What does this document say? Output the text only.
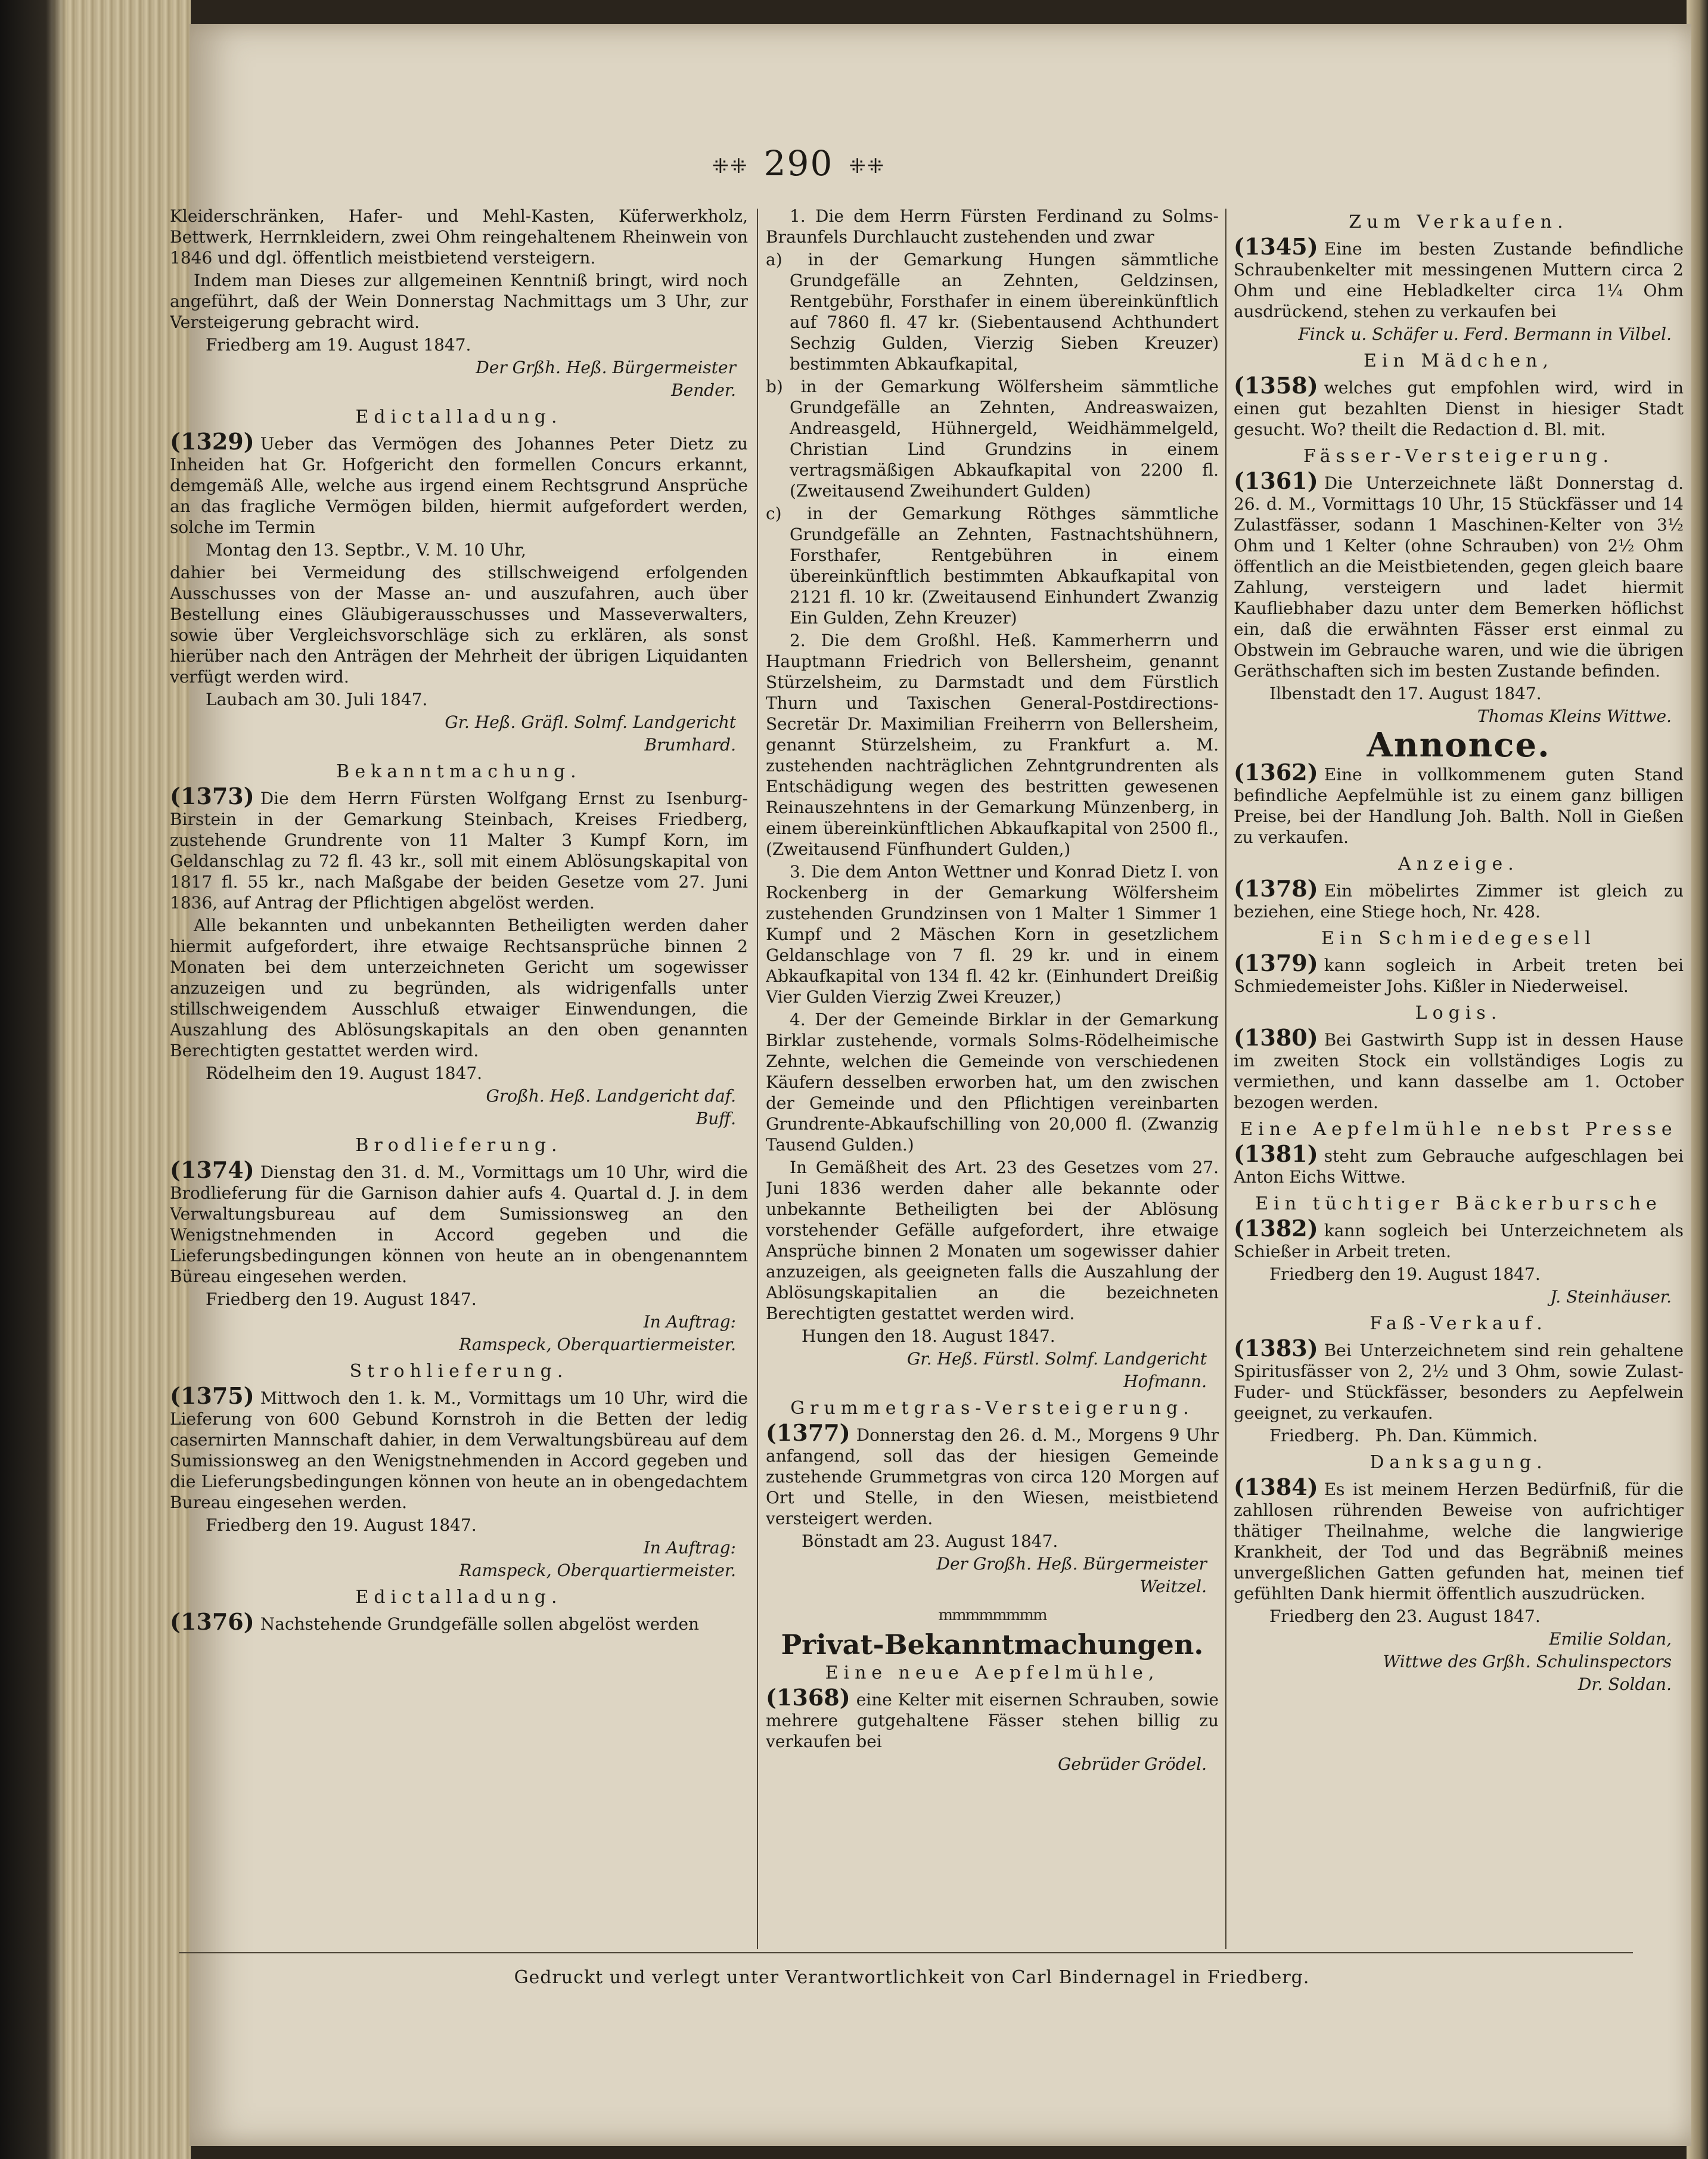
⁜⁜ 290 ⁜⁜

Kleiderschränken, Hafer- und Mehl-Kasten, Küferwerkholz, Bettwerk, Herrnkleidern, zwei Ohm reingehaltenem Rheinwein von 1846 und dgl. öffentlich meistbietend versteigern.

Indem man Dieses zur allgemeinen Kenntniß bringt, wird noch angeführt, daß der Wein Donnerstag Nachmittags um 3 Uhr, zur Versteigerung gebracht wird.

Friedberg am 19. August 1847.

Der Grßh. Heß. Bürgermeister

Bender.

Edictalladung.

(1329) Ueber das Vermögen des Johannes Peter Dietz zu Inheiden hat Gr. Hofgericht den formellen Concurs erkannt, demgemäß Alle, welche aus irgend einem Rechtsgrund Ansprüche an das fragliche Vermögen bilden, hiermit aufgefordert werden, solche im Termin

Montag den 13. Septbr., V. M. 10 Uhr,

dahier bei Vermeidung des stillschweigend erfolgenden Ausschusses von der Masse an- und auszufahren, auch über Bestellung eines Gläubigerausschusses und Masseverwalters, sowie über Vergleichsvorschläge sich zu erklären, als sonst hierüber nach den Anträgen der Mehrheit der übrigen Liquidanten verfügt werden wird.

Laubach am 30. Juli 1847.

Gr. Heß. Gräfl. Solmf. Landgericht

Brumhard.

Bekanntmachung.

(1373) Die dem Herrn Fürsten Wolfgang Ernst zu Isenburg-Birstein in der Gemarkung Steinbach, Kreises Friedberg, zustehende Grundrente von 11 Malter 3 Kumpf Korn, im Geldanschlag zu 72 fl. 43 kr., soll mit einem Ablösungskapital von 1817 fl. 55 kr., nach Maßgabe der beiden Gesetze vom 27. Juni 1836, auf Antrag der Pflichtigen abgelöst werden.

Alle bekannten und unbekannten Betheiligten werden daher hiermit aufgefordert, ihre etwaige Rechtsansprüche binnen 2 Monaten bei dem unterzeichneten Gericht um sogewisser anzuzeigen und zu begründen, als widrigenfalls unter stillschweigendem Ausschluß etwaiger Einwendungen, die Auszahlung des Ablösungskapitals an den oben genannten Berechtigten gestattet werden wird.

Rödelheim den 19. August 1847.

Großh. Heß. Landgericht daf.

Buff.

Brodlieferung.

(1374) Dienstag den 31. d. M., Vormittags um 10 Uhr, wird die Brodlieferung für die Garnison dahier aufs 4. Quartal d. J. in dem Verwaltungsbureau auf dem Sumissionsweg an den Wenigstnehmenden in Accord gegeben und die Lieferungsbedingungen können von heute an in obengenanntem Büreau eingesehen werden.

Friedberg den 19. August 1847.

In Auftrag:

Ramspeck, Oberquartiermeister.

Strohlieferung.

(1375) Mittwoch den 1. k. M., Vormittags um 10 Uhr, wird die Lieferung von 600 Gebund Kornstroh in die Betten der ledig casernirten Mannschaft dahier, in dem Verwaltungsbüreau auf dem Sumissionsweg an den Wenigstnehmenden in Accord gegeben und die Lieferungsbedingungen können von heute an in obengedachtem Bureau eingesehen werden.

Friedberg den 19. August 1847.

In Auftrag:

Ramspeck, Oberquartiermeister.

Edictalladung.

(1376) Nachstehende Grundgefälle sollen abgelöst werden

1. Die dem Herrn Fürsten Ferdinand zu Solms-Braunfels Durchlaucht zustehenden und zwar

a) in der Gemarkung Hungen sämmtliche Grundgefälle an Zehnten, Geldzinsen, Rentgebühr, Forsthafer in einem übereinkünftlich auf 7860 fl. 47 kr. (Siebentausend Achthundert Sechzig Gulden, Vierzig Sieben Kreuzer) bestimmten Abkaufkapital,

b) in der Gemarkung Wölfersheim sämmtliche Grundgefälle an Zehnten, Andreaswaizen, Andreasgeld, Hühnergeld, Weidhämmelgeld, Christian Lind Grundzins in einem vertragsmäßigen Abkaufkapital von 2200 fl. (Zweitausend Zweihundert Gulden)

c) in der Gemarkung Röthges sämmtliche Grundgefälle an Zehnten, Fastnachtshühnern, Forsthafer, Rentgebühren in einem übereinkünftlich bestimmten Abkaufkapital von 2121 fl. 10 kr. (Zweitausend Einhundert Zwanzig Ein Gulden, Zehn Kreuzer)

2. Die dem Großhl. Heß. Kammerherrn und Hauptmann Friedrich von Bellersheim, genannt Stürzelsheim, zu Darmstadt und dem Fürstlich Thurn und Taxischen General-Postdirections-Secretär Dr. Maximilian Freiherrn von Bellersheim, genannt Stürzelsheim, zu Frankfurt a. M. zustehenden nachträglichen Zehntgrundrenten als Entschädigung wegen des bestritten gewesenen Reinauszehntens in der Gemarkung Münzenberg, in einem übereinkünftlichen Abkaufkapital von 2500 fl., (Zweitausend Fünfhundert Gulden,)

3. Die dem Anton Wettner und Konrad Dietz I. von Rockenberg in der Gemarkung Wölfersheim zustehenden Grundzinsen von 1 Malter 1 Simmer 1 Kumpf und 2 Mäschen Korn in gesetzlichem Geldanschlage von 7 fl. 29 kr. und in einem Abkaufkapital von 134 fl. 42 kr. (Einhundert Dreißig Vier Gulden Vierzig Zwei Kreuzer,)

4. Der der Gemeinde Birklar in der Gemarkung Birklar zustehende, vormals Solms-Rödelheimische Zehnte, welchen die Gemeinde von verschiedenen Käufern desselben erworben hat, um den zwischen der Gemeinde und den Pflichtigen vereinbarten Grundrente-Abkaufschilling von 20,000 fl. (Zwanzig Tausend Gulden.)

In Gemäßheit des Art. 23 des Gesetzes vom 27. Juni 1836 werden daher alle bekannte oder unbekannte Betheiligten bei der Ablösung vorstehender Gefälle aufgefordert, ihre etwaige Ansprüche binnen 2 Monaten um sogewisser dahier anzuzeigen, als geeigneten falls die Auszahlung der Ablösungskapitalien an die bezeichneten Berechtigten gestattet werden wird.

Hungen den 18. August 1847.

Gr. Heß. Fürstl. Solmf. Landgericht

Hofmann.

Grummetgras-Versteigerung.

(1377) Donnerstag den 26. d. M., Morgens 9 Uhr anfangend, soll das der hiesigen Gemeinde zustehende Grummetgras von circa 120 Morgen auf Ort und Stelle, in den Wiesen, meistbietend versteigert werden.

Bönstadt am 23. August 1847.

Der Großh. Heß. Bürgermeister

Weitzel.

mmmmmmmm
Privat-Bekanntmachungen.
Eine neue Aepfelmühle,

(1368) eine Kelter mit eisernen Schrauben, sowie mehrere gutgehaltene Fässer stehen billig zu verkaufen bei

Gebrüder Grödel.

Zum Verkaufen.

(1345) Eine im besten Zustande befindliche Schraubenkelter mit messingenen Muttern circa 2 Ohm und eine Hebladkelter circa 1¼ Ohm ausdrückend, stehen zu verkaufen bei

Finck u. Schäfer u. Ferd. Bermann in Vilbel.

Ein Mädchen,

(1358) welches gut empfohlen wird, wird in einen gut bezahlten Dienst in hiesiger Stadt gesucht. Wo? theilt die Redaction d. Bl. mit.

Fässer-Versteigerung.

(1361) Die Unterzeichnete läßt Donnerstag d. 26. d. M., Vormittags 10 Uhr, 15 Stückfässer und 14 Zulastfässer, sodann 1 Maschinen-Kelter von 3½ Ohm und 1 Kelter (ohne Schrauben) von 2½ Ohm öffentlich an die Meistbietenden, gegen gleich baare Zahlung, versteigern und ladet hiermit Kaufliebhaber dazu unter dem Bemerken höflichst ein, daß die erwähnten Fässer erst einmal zu Obstwein im Gebrauche waren, und wie die übrigen Geräthschaften sich im besten Zustande befinden.

Ilbenstadt den 17. August 1847.

Thomas Kleins Wittwe.

Annonce.

(1362) Eine in vollkommenem guten Stand befindliche Aepfelmühle ist zu einem ganz billigen Preise, bei der Handlung Joh. Balth. Noll in Gießen zu verkaufen.

Anzeige.

(1378) Ein möbelirtes Zimmer ist gleich zu beziehen, eine Stiege hoch, Nr. 428.

Ein Schmiedegesell

(1379) kann sogleich in Arbeit treten bei Schmiedemeister Johs. Kißler in Niederweisel.

Logis.

(1380) Bei Gastwirth Supp ist in dessen Hause im zweiten Stock ein vollständiges Logis zu vermiethen, und kann dasselbe am 1. October bezogen werden.

Eine Aepfelmühle nebst Presse

(1381) steht zum Gebrauche aufgeschlagen bei Anton Eichs Wittwe.

Ein tüchtiger Bäckerbursche

(1382) kann sogleich bei Unterzeichnetem als Schießer in Arbeit treten.

Friedberg den 19. August 1847.

J. Steinhäuser.

Faß-Verkauf.

(1383) Bei Unterzeichnetem sind rein gehaltene Spiritusfässer von 2, 2½ und 3 Ohm, sowie Zulast- Fuder- und Stückfässer, besonders zu Aepfelwein geeignet, zu verkaufen.

Friedberg. Ph. Dan. Kümmich.

Danksagung.

(1384) Es ist meinem Herzen Bedürfniß, für die zahllosen rührenden Beweise von aufrichtiger thätiger Theilnahme, welche die langwierige Krankheit, der Tod und das Begräbniß meines unvergeßlichen Gatten gefunden hat, meinen tief gefühlten Dank hiermit öffentlich auszudrücken.

Friedberg den 23. August 1847.

Emilie Soldan,

Wittwe des Grßh. Schulinspectors

Dr. Soldan.

Gedruckt und verlegt unter Verantwortlichkeit von Carl Bindernagel in Friedberg.
